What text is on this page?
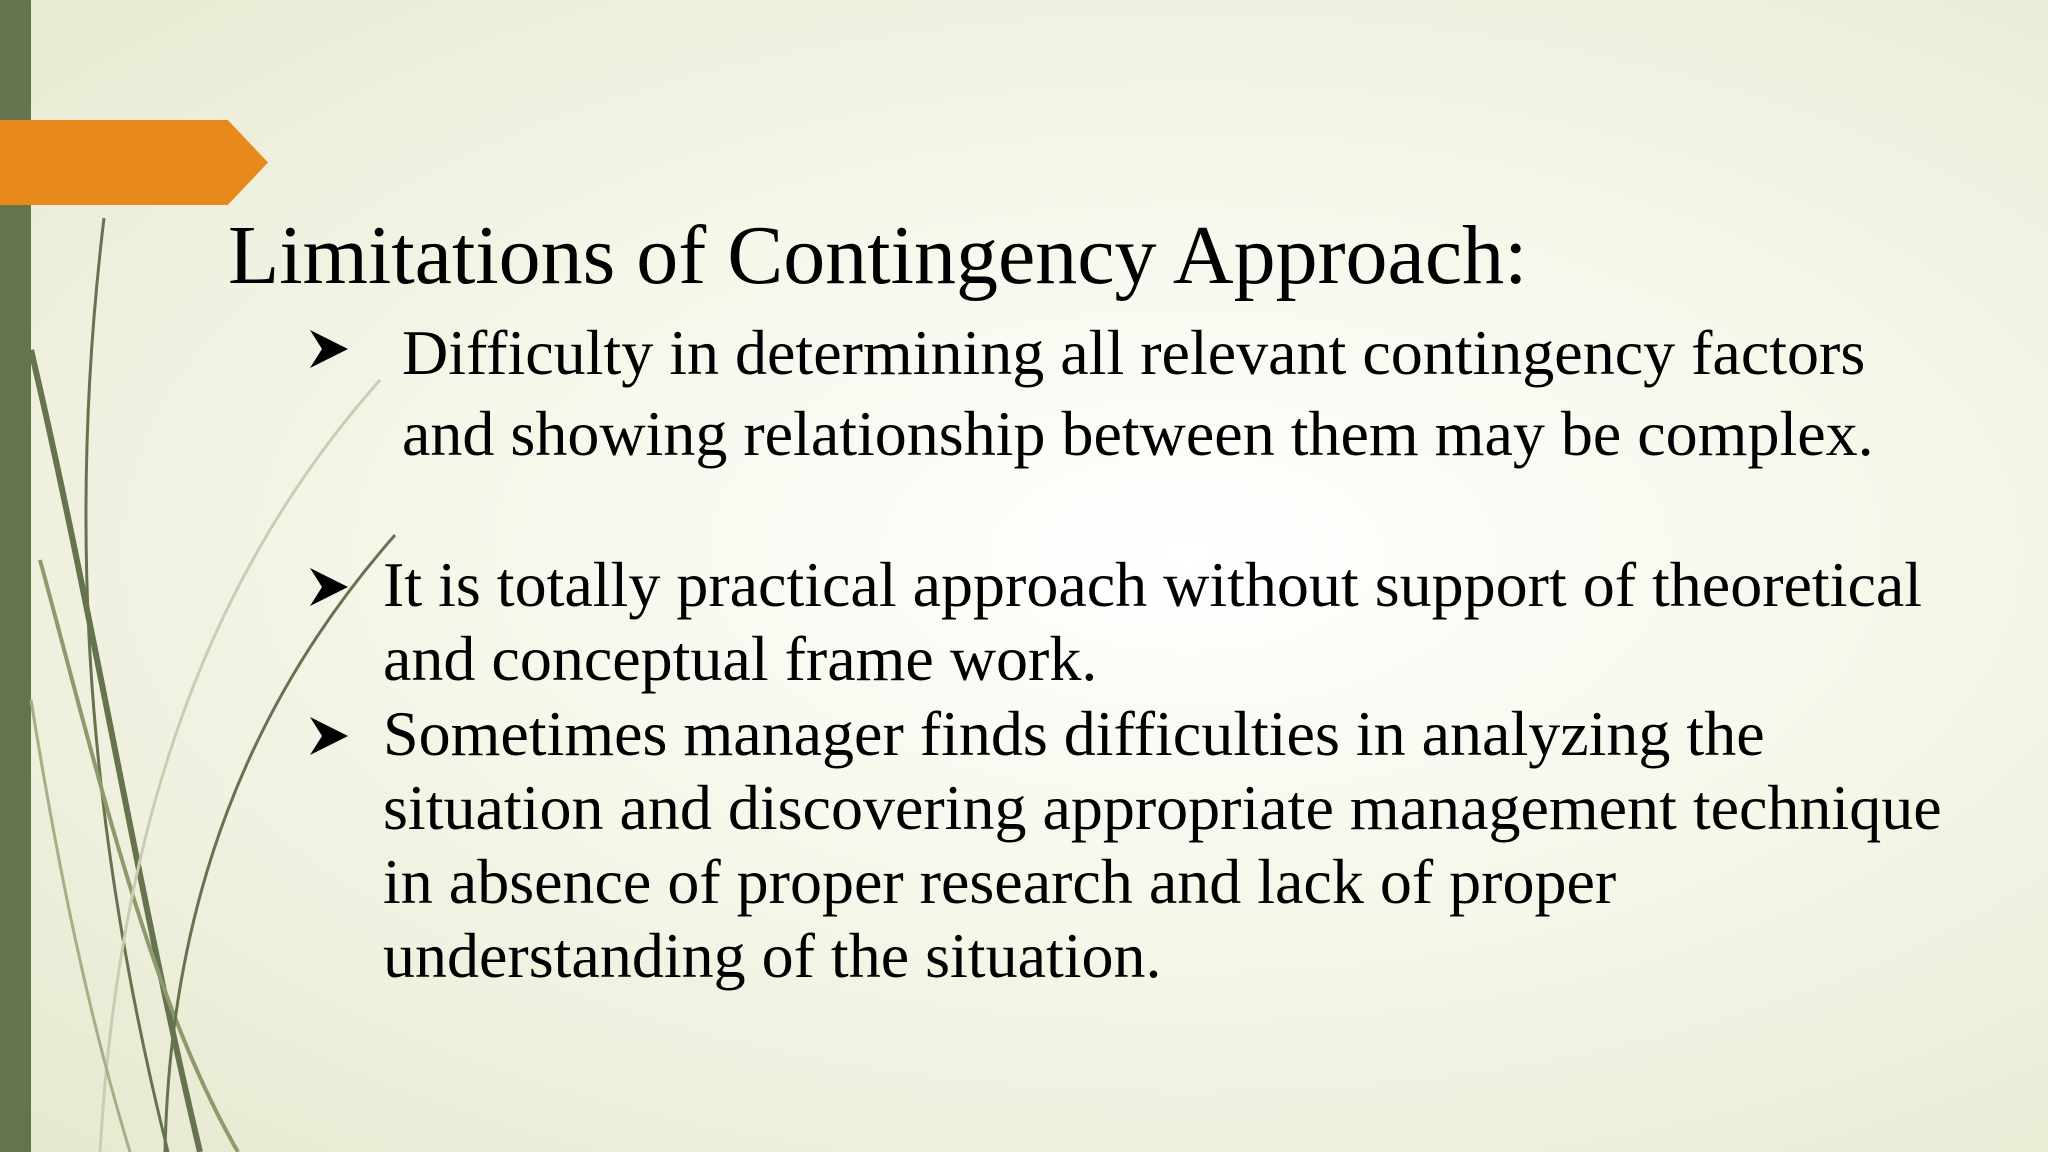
Limitations of Contingency Approach:
Difficulty in determining all relevant contingency factors and showing relationship between them may be complex.
It is totally practical approach without support of theoretical and conceptual frame work.
Sometimes manager finds difficulties in analyzing the situation and discovering appropriate management technique in absence of proper research and lack of proper understanding of the situation.
